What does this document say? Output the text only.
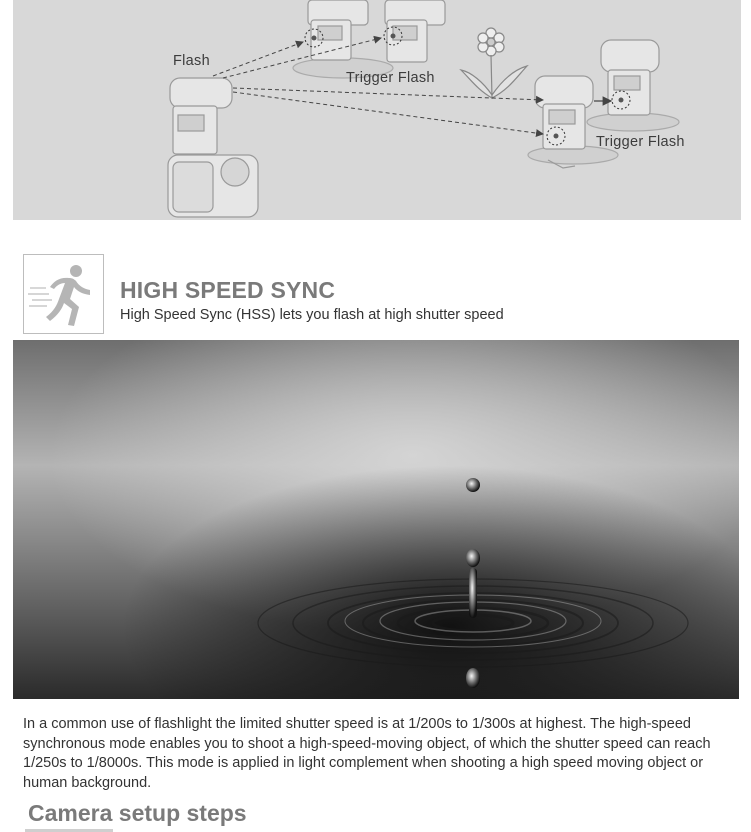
Flash
Trigger Flash
Trigger Flash
HIGH SPEED SYNC
High Speed Sync (HSS) lets you flash at high shutter speed
In a common use of flashlight the limited shutter speed is at 1/200s to 1/300s at highest. The high-speed synchronous mode enables you to shoot a high-speed-moving object, of which the shutter speed can reach 1/250s to 1/8000s. This mode is applied in light complement when shooting a high speed moving object or human background.
Camera setup steps
